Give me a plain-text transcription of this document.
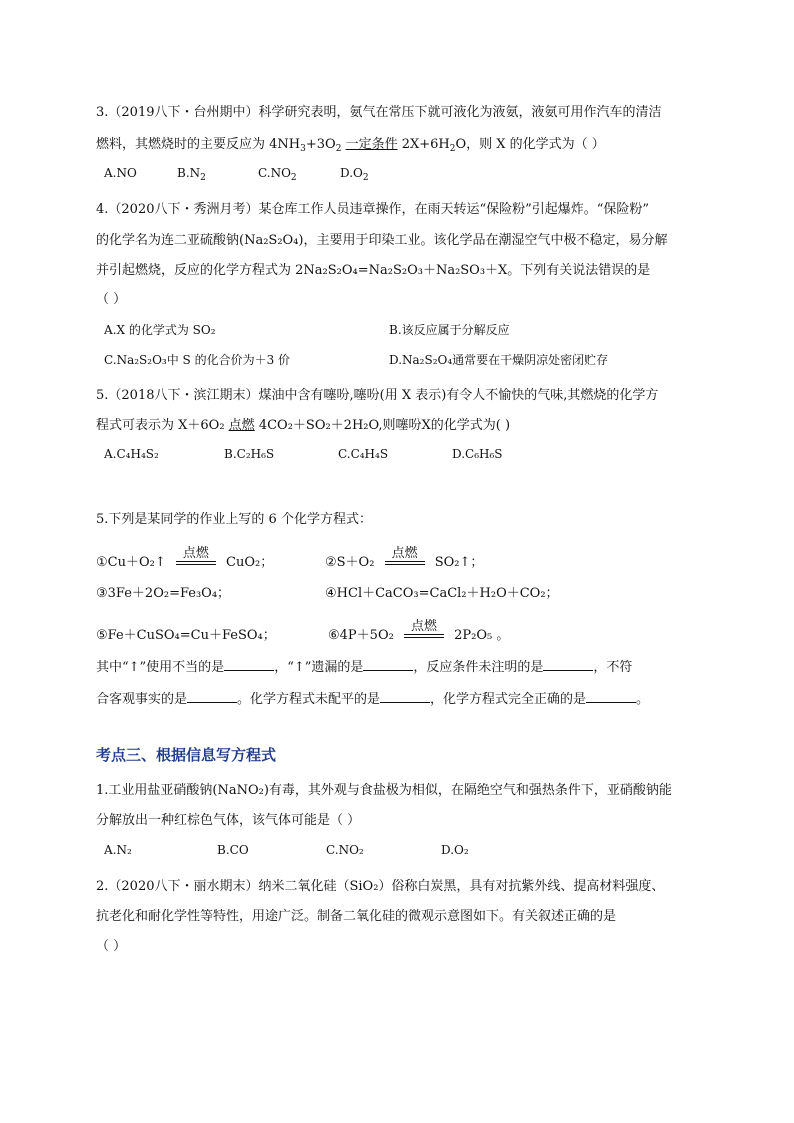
3.（2019八下・台州期中）科学研究表明，氨气在常压下就可液化为液氨，液氨可用作汽车的清洁
燃料，其燃烧时的主要反应为 $4NH_3+3O_2$ 一定条件 $2X+6H_2O$，则 X 的化学式为（ ）
A.NO	$B.N_2$	$C.NO_2$	$D.O_2$
4.（2020八下・秀洲月考）某仓库工作人员违章操作，在雨天转运“保险粉”引起爆炸。“保险粉”
的化学名为连二亚硫酸钠(Na₂S₂O₄)，主要用于印染工业。该化学品在潮湿空气中极不稳定，易分解
并引起燃烧，反应的化学方程式为 2Na₂S₂O₄=Na₂S₂O₃＋Na₂SO₃＋X。下列有关说法错误的是
（ ）
A.X 的化学式为 SO₂	B.该反应属于分解反应
C.Na₂S₂O₃中 S 的化合价为＋3 价	D.Na₂S₂O₄通常要在干燥阴凉处密闭贮存
5.（2018八下・滨江期末）煤油中含有噻吩,噻吩(用 X 表示)有令人不愉快的气味,其燃烧的化学方
程式可表示为 X＋6O₂ 点燃 4CO₂＋SO₂＋2H₂O,则噻吩X的化学式为( )
A.C₄H₄S₂	B.C₂H₆S	C.C₄H₄S	D.C₆H₆S
5.下列是某同学的作业上写的 6 个化学方程式：
①Cu＋O₂↑
点燃
CuO₂；	②S＋O₂
点燃
SO₂↑；
③3Fe＋2O₂=Fe₃O₄；	④HCl＋CaCO₃=CaCl₂＋H₂O＋CO₂；
⑤Fe＋CuSO₄=Cu＋FeSO₄；	⑥4P＋5O₂
点燃
2P₂O₅ 。
其中“↑”使用不当的是	，“↑”遗漏的是	，反应条件未注明的是	，不符
合客观事实的是	。化学方程式未配平的是	，化学方程式完全正确的是	。
考点三、根据信息写方程式
1.工业用盐亚硝酸钠(NaNO₂)有毒，其外观与食盐极为相似，在隔绝空气和强热条件下，亚硝酸钠能
分解放出一种红棕色气体，该气体可能是（ ）
A.N₂	B.CO	C.NO₂	D.O₂
2.（2020八下・丽水期末）纳米二氧化硅（SiO₂）俗称白炭黑，具有对抗紫外线、提高材料强度、
抗老化和耐化学性等特性，用途广泛。制备二氧化硅的微观示意图如下。有关叙述正确的是
（ ）
